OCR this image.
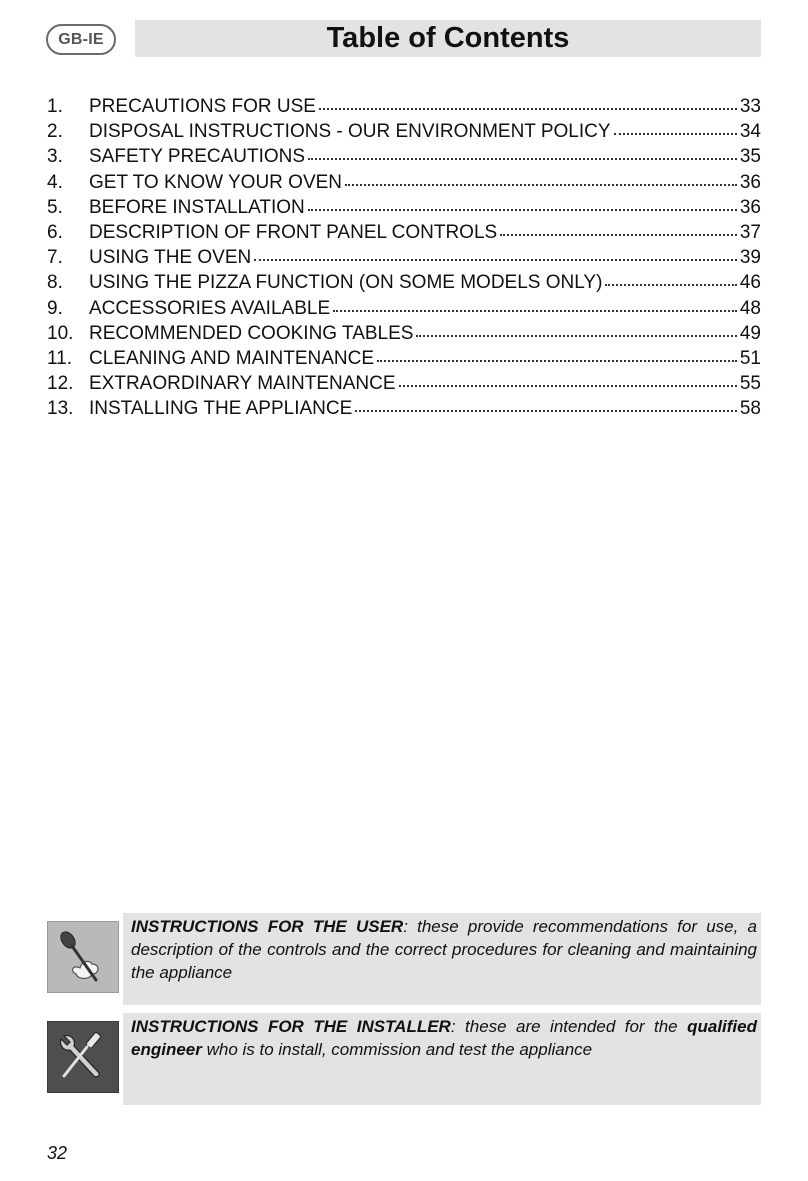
GB-IE	Table of Contents
1.	PRECAUTIONS FOR USE	33
2.	DISPOSAL INSTRUCTIONS - OUR ENVIRONMENT POLICY	34
3.	SAFETY PRECAUTIONS	35
4.	GET TO KNOW YOUR OVEN	36
5.	BEFORE INSTALLATION	36
6.	DESCRIPTION OF FRONT PANEL CONTROLS	37
7.	USING THE OVEN	39
8.	USING THE PIZZA FUNCTION (ON SOME MODELS ONLY)	46
9.	ACCESSORIES AVAILABLE	48
10. RECOMMENDED COOKING TABLES	49
11. CLEANING AND MAINTENANCE	51
12. EXTRAORDINARY MAINTENANCE	55
13. INSTALLING THE APPLIANCE	58
INSTRUCTIONS FOR THE USER: these provide recommendations for use, a description of the controls and the correct procedures for cleaning and maintaining the appliance
INSTRUCTIONS FOR THE INSTALLER: these are intended for the qualified engineer who is to install, commission and test the appliance
32
